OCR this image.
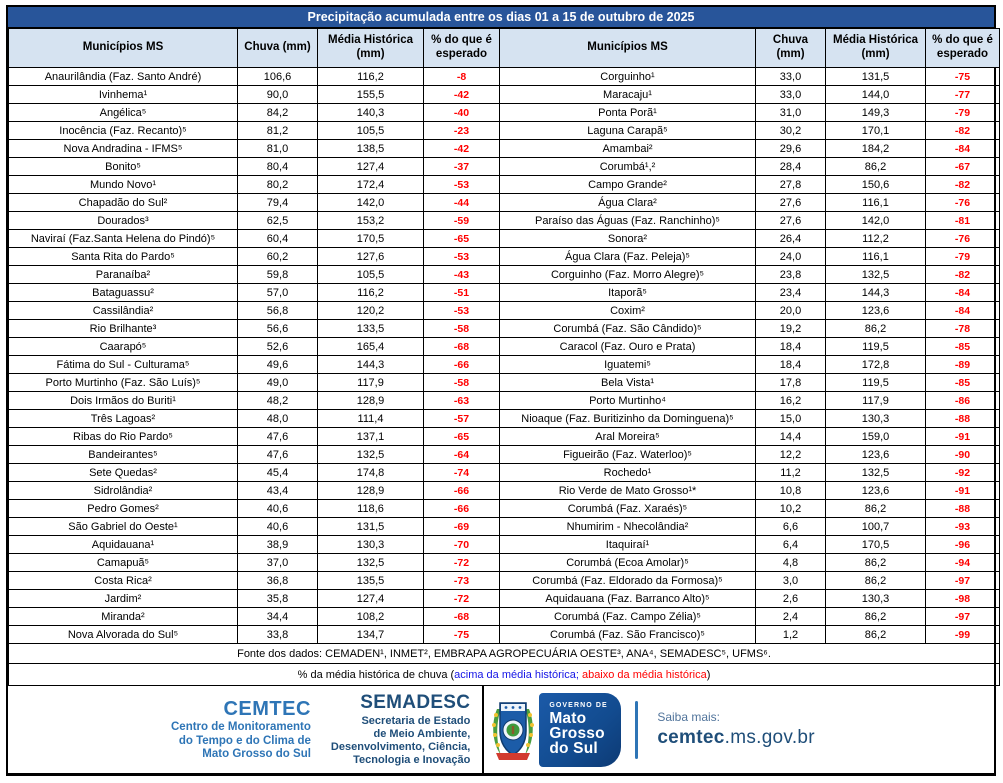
Precipitação acumulada entre os dias 01 a 15 de outubro de 2025
Municípios MS	Chuva (mm)	Média Histórica (mm)	% do que é esperado	Municípios MS	Chuva (mm)	Média Histórica (mm)	% do que é esperado
Anaurilândia (Faz. Santo André)	106,6	116,2	-8	Corguinho¹	33,0	131,5	-75
Ivinhema¹	90,0	155,5	-42	Maracaju¹	33,0	144,0	-77
Angélica⁵	84,2	140,3	-40	Ponta Porã¹	31,0	149,3	-79
Inocência (Faz. Recanto)⁵	81,2	105,5	-23	Laguna Carapã⁵	30,2	170,1	-82
Nova Andradina - IFMS⁵	81,0	138,5	-42	Amambai²	29,6	184,2	-84
Bonito⁵	80,4	127,4	-37	Corumbá¹,²	28,4	86,2	-67
Mundo Novo¹	80,2	172,4	-53	Campo Grande²	27,8	150,6	-82
Chapadão do Sul²	79,4	142,0	-44	Água Clara²	27,6	116,1	-76
Dourados³	62,5	153,2	-59	Paraíso das Águas (Faz. Ranchinho)⁵	27,6	142,0	-81
Naviraí (Faz.Santa Helena do Pindó)⁵	60,4	170,5	-65	Sonora²	26,4	112,2	-76
Santa Rita do Pardo⁵	60,2	127,6	-53	Água Clara (Faz. Peleja)⁵	24,0	116,1	-79
Paranaíba²	59,8	105,5	-43	Corguinho (Faz. Morro Alegre)⁵	23,8	132,5	-82
Bataguassu²	57,0	116,2	-51	Itaporã⁵	23,4	144,3	-84
Cassilândia²	56,8	120,2	-53	Coxim²	20,0	123,6	-84
Rio Brilhante³	56,6	133,5	-58	Corumbá (Faz. São Cândido)⁵	19,2	86,2	-78
Caarapó⁵	52,6	165,4	-68	Caracol (Faz. Ouro e Prata)	18,4	119,5	-85
Fátima do Sul - Culturama⁵	49,6	144,3	-66	Iguatemi⁵	18,4	172,8	-89
Porto Murtinho (Faz. São Luís)⁵	49,0	117,9	-58	Bela Vista¹	17,8	119,5	-85
Dois Irmãos do Buriti¹	48,2	128,9	-63	Porto Murtinho⁴	16,2	117,9	-86
Três Lagoas²	48,0	111,4	-57	Nioaque (Faz. Buritizinho da Dominguena)⁵	15,0	130,3	-88
Ribas do Rio Pardo⁵	47,6	137,1	-65	Aral Moreira⁵	14,4	159,0	-91
Bandeirantes⁵	47,6	132,5	-64	Figueirão (Faz. Waterloo)⁵	12,2	123,6	-90
Sete Quedas²	45,4	174,8	-74	Rochedo¹	11,2	132,5	-92
Sidrolândia²	43,4	128,9	-66	Rio Verde de Mato Grosso¹*	10,8	123,6	-91
Pedro Gomes²	40,6	118,6	-66	Corumbá (Faz. Xaraés)⁵	10,2	86,2	-88
São Gabriel do Oeste¹	40,6	131,5	-69	Nhumirim - Nhecolândia²	6,6	100,7	-93
Aquidauana¹	38,9	130,3	-70	Itaquiraí¹	6,4	170,5	-96
Camapuã⁵	37,0	132,5	-72	Corumbá (Ecoa Amolar)⁵	4,8	86,2	-94
Costa Rica²	36,8	135,5	-73	Corumbá (Faz. Eldorado da Formosa)⁵	3,0	86,2	-97
Jardim²	35,8	127,4	-72	Aquidauana (Faz. Barranco Alto)⁵	2,6	130,3	-98
Miranda²	34,4	108,2	-68	Corumbá (Faz. Campo Zélia)⁵	2,4	86,2	-97
Nova Alvorada do Sul⁵	33,8	134,7	-75	Corumbá (Faz. São Francisco)⁵	1,2	86,2	-99
Fonte dos dados: CEMADEN¹, INMET², EMBRAPA AGROPECUÁRIA OESTE³, ANA⁴, SEMADESC⁵, UFMS⁶.							
% da média histórica de chuva (acima da média histórica; abaixo da média histórica)							
CEMTEC
Centro de Monitoramento
do Tempo e do Clima de
Mato Grosso do Sul
SEMADESC
Secretaria de Estado
de Meio Ambiente,
Desenvolvimento, Ciência,
Tecnologia e Inovação
GOVERNO DE
Mato
Grosso
do Sul
Saiba mais:
cemtec.ms.gov.br
